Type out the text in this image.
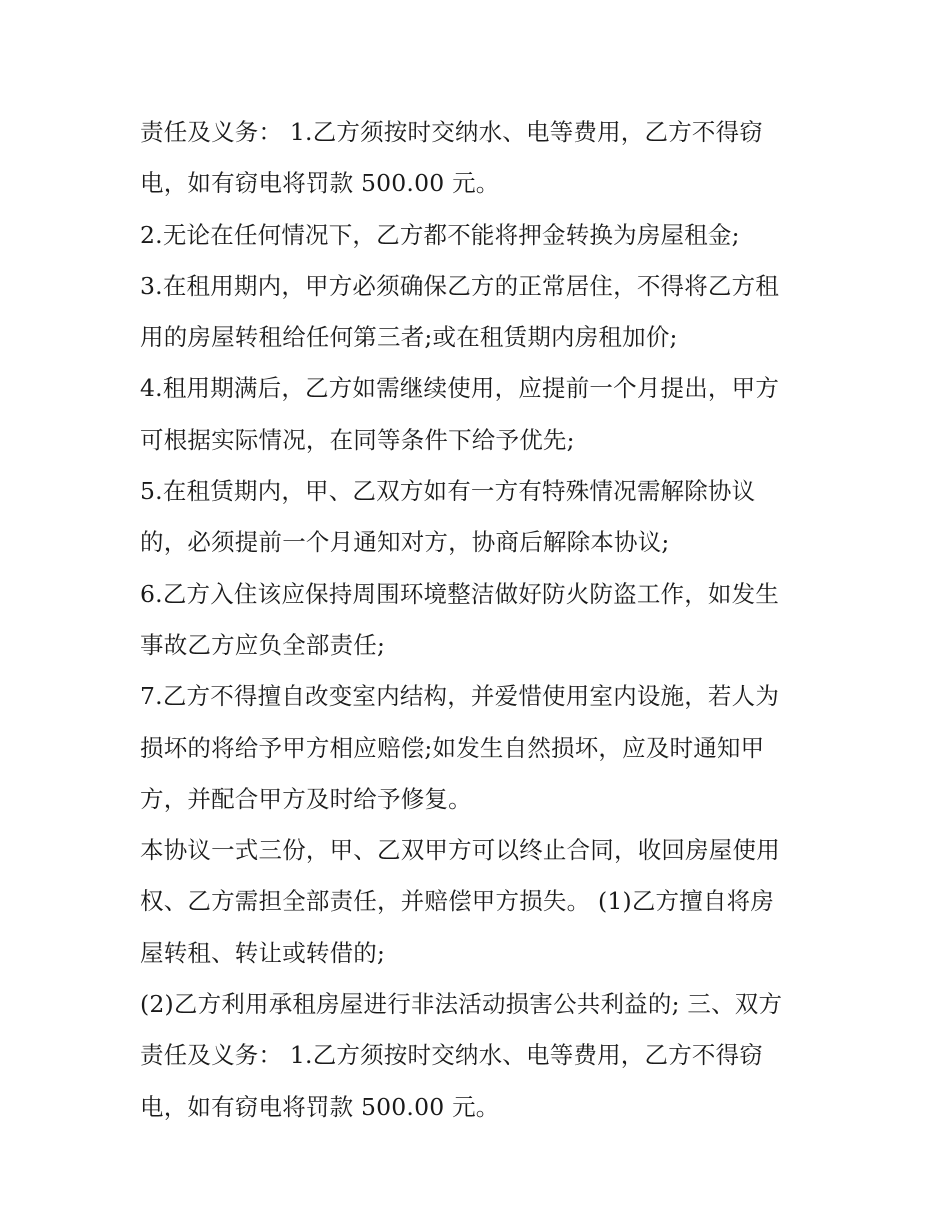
责任及义务： 1.乙方须按时交纳水、电等费用，乙方不得窃
电，如有窃电将罚款 500.00 元。
2.无论在任何情况下，乙方都不能将押金转换为房屋租金;
3.在租用期内，甲方必须确保乙方的正常居住，不得将乙方租
用的房屋转租给任何第三者;或在租赁期内房租加价;
4.租用期满后，乙方如需继续使用，应提前一个月提出，甲方
可根据实际情况，在同等条件下给予优先;
5.在租赁期内，甲、乙双方如有一方有特殊情况需解除协议
的，必须提前一个月通知对方，协商后解除本协议;
6.乙方入住该应保持周围环境整洁做好防火防盗工作，如发生
事故乙方应负全部责任;
7.乙方不得擅自改变室内结构，并爱惜使用室内设施，若人为
损坏的将给予甲方相应赔偿;如发生自然损坏，应及时通知甲
方，并配合甲方及时给予修复。
本协议一式三份，甲、乙双甲方可以终止合同，收回房屋使用
权、乙方需担全部责任，并赔偿甲方损失。 (1)乙方擅自将房
屋转租、转让或转借的;
(2)乙方利用承租房屋进行非法活动损害公共利益的; 三、双方
责任及义务： 1.乙方须按时交纳水、电等费用，乙方不得窃
电，如有窃电将罚款 500.00 元。
